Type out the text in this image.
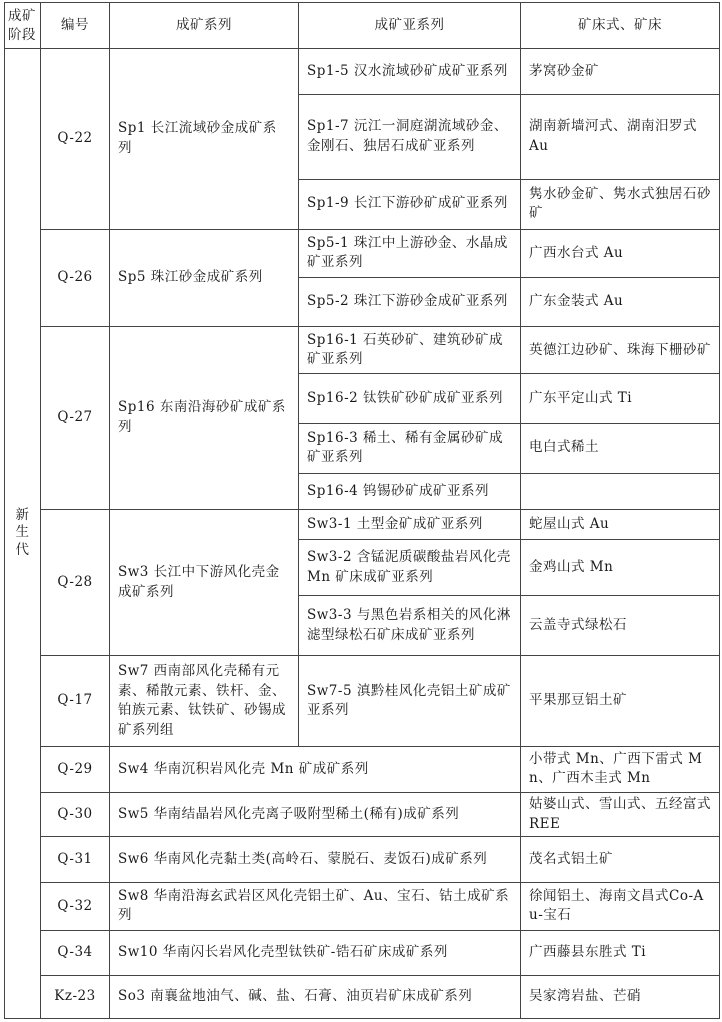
成矿阶段	编号	成矿系列	成矿亚系列	矿床式、矿床
新生代	Q-22	Sp1 长江流域砂金成矿系列	Sp1-5 汉水流域砂矿成矿亚系列	茅窝砂金矿
			Sp1-7 沅江一洞庭湖流域砂金、金刚石、独居石成矿亚系列	湖南新墙河式、湖南汨罗式 Au
			Sp1-9 长江下游砂矿成矿亚系列	隽水砂金矿、隽水式独居石砂矿
	Q-26	Sp5 珠江砂金成矿系列	Sp5-1 珠江中上游砂金、水晶成矿亚系列	广西水台式 Au
			Sp5-2 珠江下游砂金成矿亚系列	广东金装式 Au
	Q-27	Sp16 东南沿海砂矿成矿系列	Sp16-1 石英砂矿、建筑砂矿成矿亚系列	英德江边砂矿、珠海下栅砂矿
			Sp16-2 钛铁矿砂矿成矿亚系列	广东平定山式 Ti
			Sp16-3 稀土、稀有金属砂矿成矿亚系列	电白式稀土
			Sp16-4 钨锡砂矿成矿亚系列	
	Q-28	Sw3 长江中下游风化壳金成矿系列	Sw3-1 土型金矿成矿亚系列	蛇屋山式 Au
			Sw3-2 含锰泥质碳酸盐岩风化壳 Mn 矿床成矿亚系列	金鸡山式 Mn
			Sw3-3 与黑色岩系相关的风化淋滤型绿松石矿床成矿亚系列	云盖寺式绿松石
	Q-17	Sw7 西南部风化壳稀有元素、稀散元素、铁杆、金、铂族元素、钛铁矿、砂锡成矿系列组	Sw7-5 滇黔桂风化壳铝土矿成矿亚系列	平果那豆铝土矿
	Q-29	Sw4 华南沉积岩风化壳 Mn 矿成矿系列		小带式 Mn、广西下雷式 Mn、广西木圭式 Mn
	Q-30	Sw5 华南结晶岩风化壳离子吸附型稀土(稀有)成矿系列		姑婆山式、雪山式、五经富式 REE
	Q-31	Sw6 华南风化壳黏土类(高岭石、蒙脱石、麦饭石)成矿系列		茂名式铝土矿
	Q-32	Sw8 华南沿海玄武岩区风化壳铝土矿、Au、宝石、钴土成矿系列		徐闻铝土、海南文昌式Co-Au-宝石
	Q-34	Sw10 华南闪长岩风化壳型钛铁矿-锆石矿床成矿系列		广西藤县东胜式 Ti
	Kz-23	So3 南襄盆地油气、碱、盐、石膏、油页岩矿床成矿系列		吴家湾岩盐、芒硝
